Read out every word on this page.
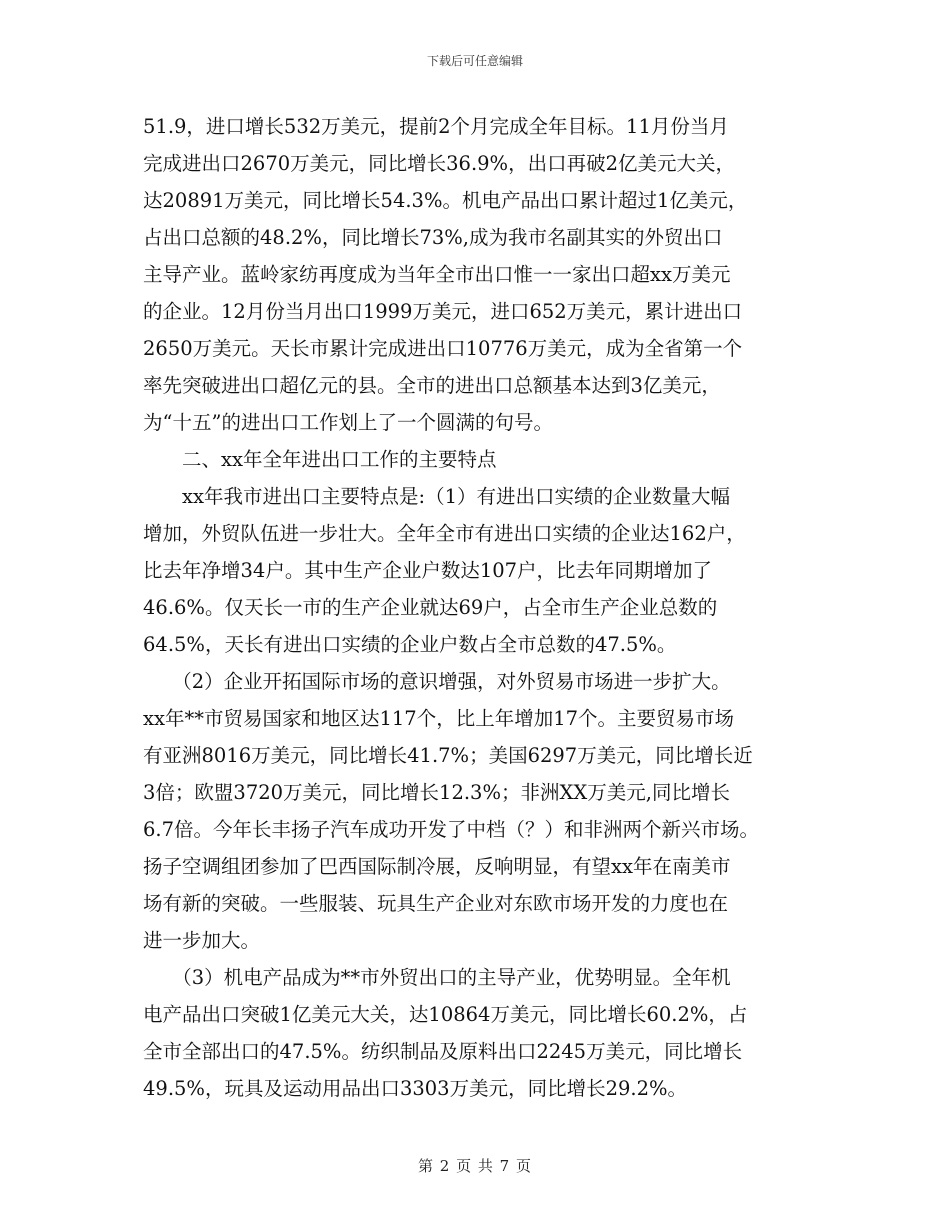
下载后可任意编辑
51.9，进口增长532万美元，提前2个月完成全年目标。11月份当月
完成进出口2670万美元，同比增长36.9%，出口再破2亿美元大关，
达20891万美元，同比增长54.3%。机电产品出口累计超过1亿美元，
占出口总额的48.2%，同比增长73%,成为我市名副其实的外贸出口
主导产业。蓝岭家纺再度成为当年全市出口惟一一家出口超xx万美元
的企业。12月份当月出口1999万美元，进口652万美元，累计进出口
2650万美元。天长市累计完成进出口10776万美元，成为全省第一个
率先突破进出口超亿元的县。全市的进出口总额基本达到3亿美元，
为“十五”的进出口工作划上了一个圆满的句号。
　　二、xx年全年进出口工作的主要特点
　　xx年我市进出口主要特点是:（1）有进出口实绩的企业数量大幅
增加，外贸队伍进一步壮大。全年全市有进出口实绩的企业达162户，
比去年净增34户。其中生产企业户数达107户，比去年同期增加了
46.6%。仅天长一市的生产企业就达69户，占全市生产企业总数的
64.5%，天长有进出口实绩的企业户数占全市总数的47.5%。
　　（2）企业开拓国际市场的意识增强，对外贸易市场进一步扩大。
xx年**市贸易国家和地区达117个，比上年增加17个。主要贸易市场
有亚洲8016万美元，同比增长41.7%；美国6297万美元，同比增长近
3倍；欧盟3720万美元，同比增长12.3%；非洲XX万美元,同比增长
6.7倍。今年长丰扬子汽车成功开发了中档（？）和非洲两个新兴市场。
扬子空调组团参加了巴西国际制冷展，反响明显，有望xx年在南美市
场有新的突破。一些服装、玩具生产企业对东欧市场开发的力度也在
进一步加大。
　　（3）机电产品成为**市外贸出口的主导产业，优势明显。全年机
电产品出口突破1亿美元大关，达10864万美元，同比增长60.2%，占
全市全部出口的47.5%。纺织制品及原料出口2245万美元，同比增长
49.5%，玩具及运动用品出口3303万美元，同比增长29.2%。
第 2 页 共 7 页
